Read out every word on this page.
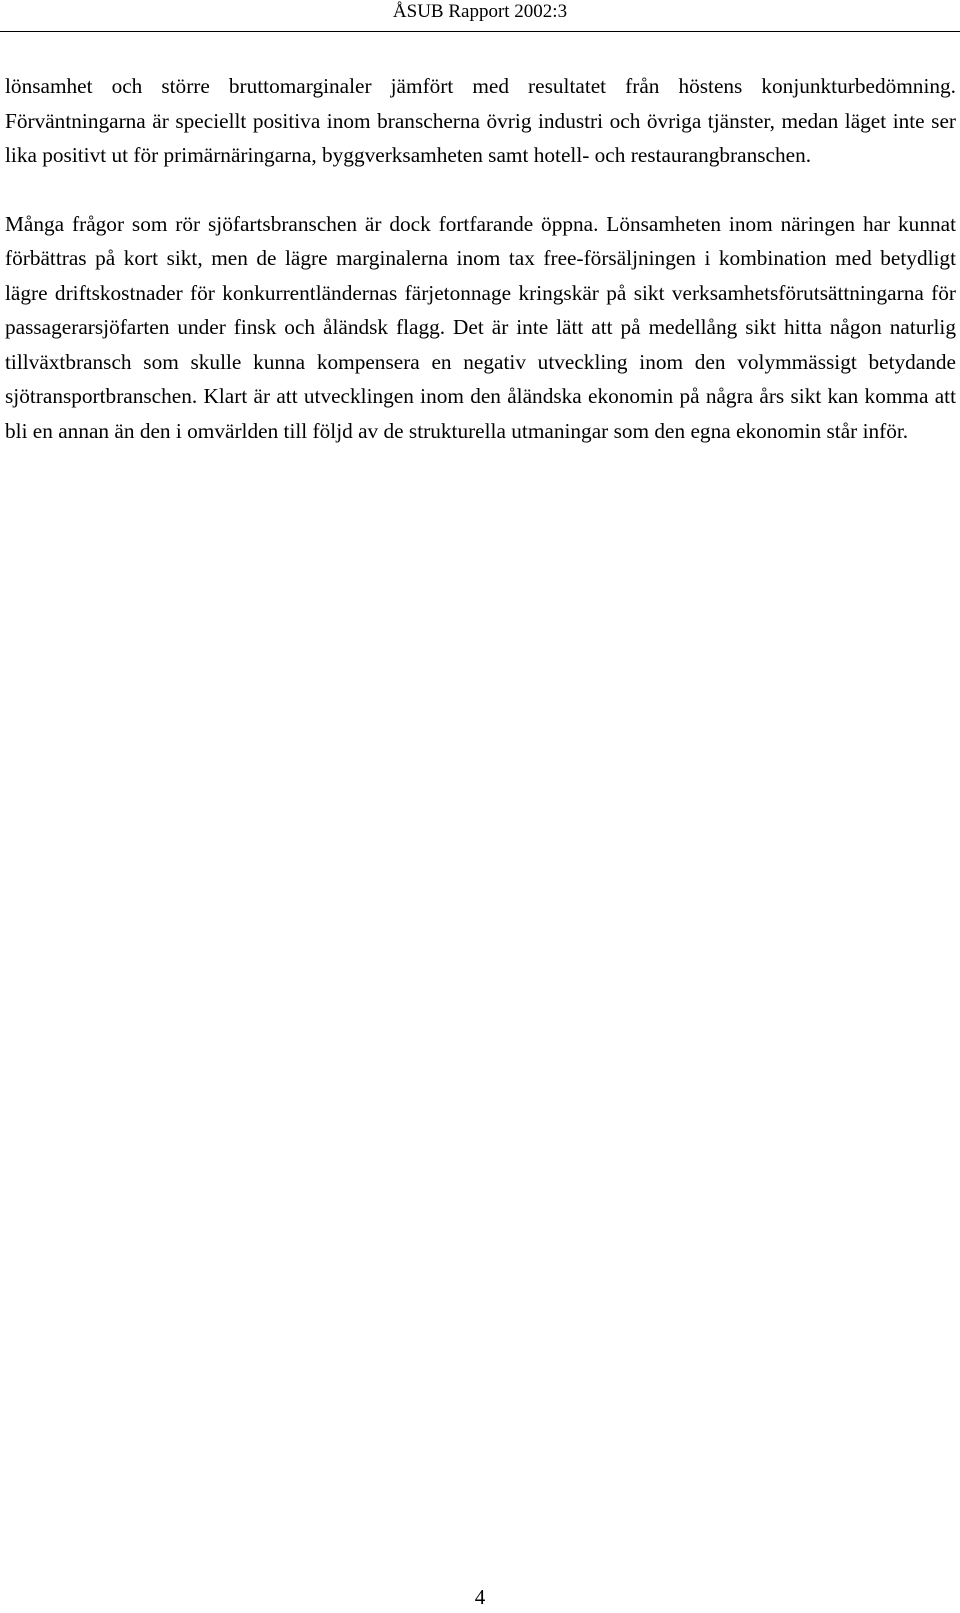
ÅSUB Rapport 2002:3

lönsamhet och större bruttomarginaler jämfört med resultatet från höstens konjunkturbedömning. Förväntningarna är speciellt positiva inom branscherna övrig industri och övriga tjänster, medan läget inte ser lika positivt ut för primärnäringarna, byggverksamheten samt hotell- och restaurangbranschen.

Många frågor som rör sjöfartsbranschen är dock fortfarande öppna. Lönsamheten inom näringen har kunnat förbättras på kort sikt, men de lägre marginalerna inom tax free-försäljningen i kombination med betydligt lägre driftskostnader för konkurrentländernas färjetonnage kringskär på sikt verksamhetsförutsättningarna för passagerarsjöfarten under finsk och åländsk flagg. Det är inte lätt att på medellång sikt hitta någon naturlig tillväxtbransch som skulle kunna kompensera en negativ utveckling inom den volymmässigt betydande sjötransportbranschen. Klart är att utvecklingen inom den åländska ekonomin på några års sikt kan komma att bli en annan än den i omvärlden till följd av de strukturella utmaningar som den egna ekonomin står inför.

4
